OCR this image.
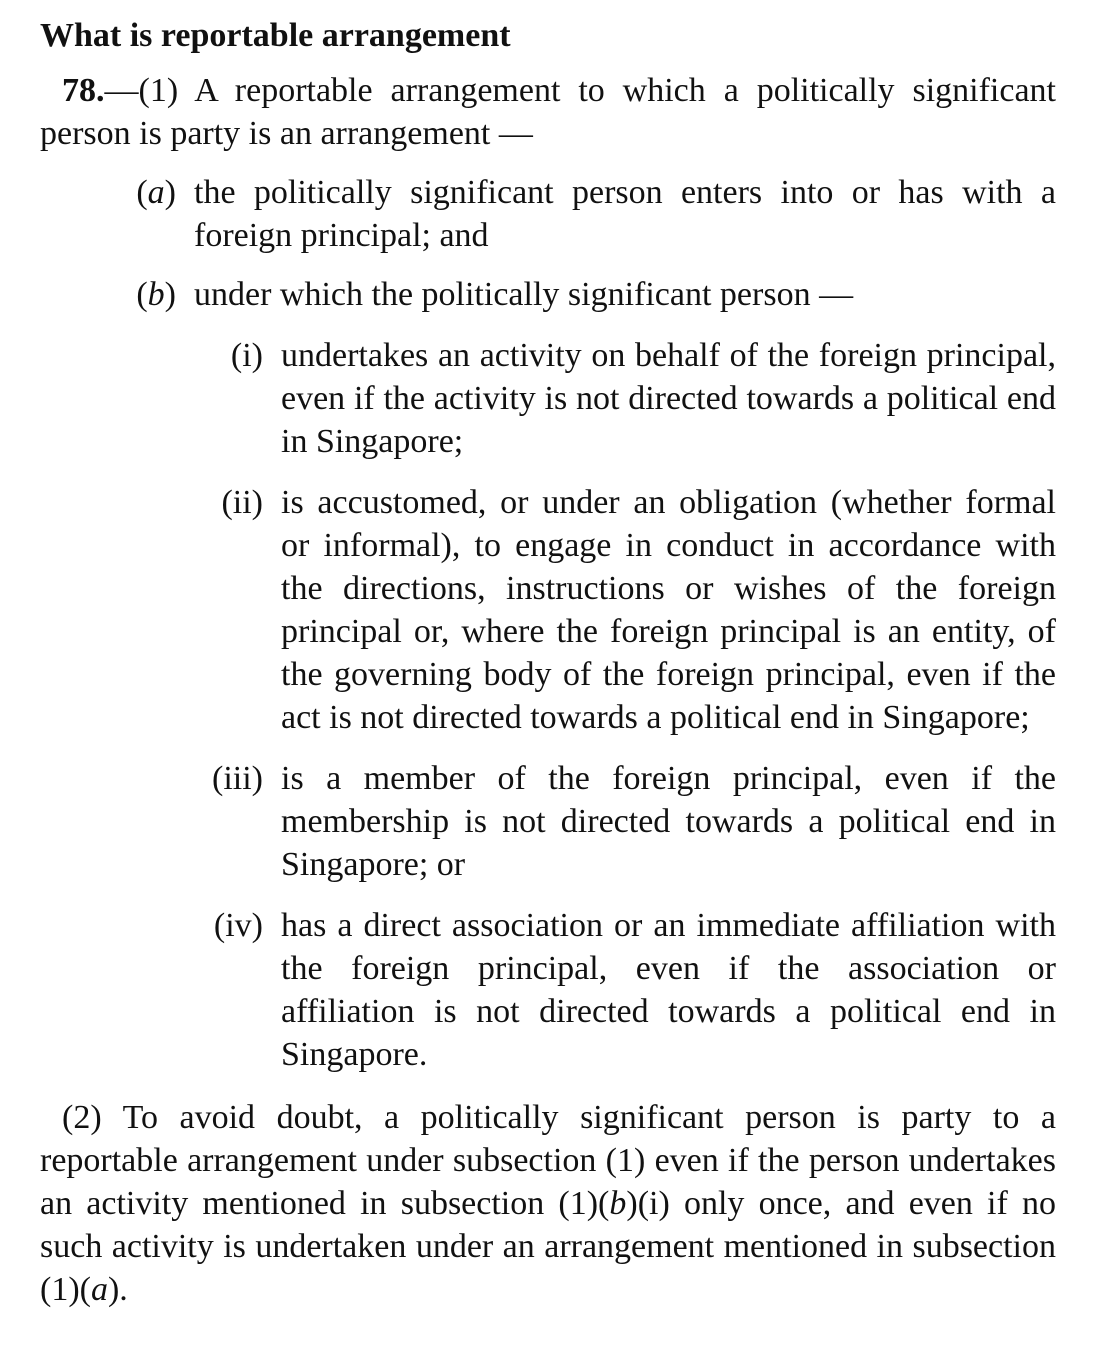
What is reportable arrangement

78.—(1) A reportable arrangement to which a politically significant person is party is an arrangement —

(a) the politically significant person enters into or has with a foreign principal; and
(b) under which the politically significant person —
(i) undertakes an activity on behalf of the foreign principal, even if the activity is not directed towards a political end in Singapore;
(ii) is accustomed, or under an obligation (whether formal or informal), to engage in conduct in accordance with the directions, instructions or wishes of the foreign principal or, where the foreign principal is an entity, of the governing body of the foreign principal, even if the act is not directed towards a political end in Singapore;
(iii) is a member of the foreign principal, even if the membership is not directed towards a political end in Singapore; or
(iv) has a direct association or an immediate affiliation with the foreign principal, even if the association or affiliation is not directed towards a political end in Singapore.

(2) To avoid doubt, a politically significant person is party to a reportable arrangement under subsection (1) even if the person undertakes an activity mentioned in subsection (1)(b)(i) only once, and even if no such activity is undertaken under an arrangement mentioned in subsection (1)(a).
